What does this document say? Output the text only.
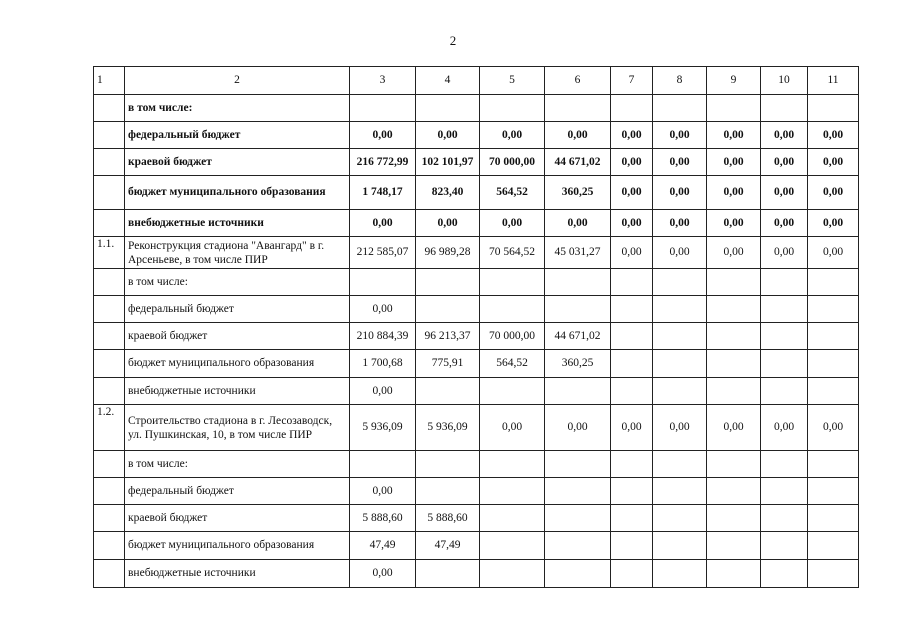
2
1	2	3	4	5	6	7	8	9	10	11
	в том числе:									
	федеральный бюджет	0,00	0,00	0,00	0,00	0,00	0,00	0,00	0,00	0,00
	краевой бюджет	216 772,99	102 101,97	70 000,00	44 671,02	0,00	0,00	0,00	0,00	0,00
	бюджет муниципального образования	1 748,17	823,40	564,52	360,25	0,00	0,00	0,00	0,00	0,00
	внебюджетные источники	0,00	0,00	0,00	0,00	0,00	0,00	0,00	0,00	0,00
1.1.	Реконструкция стадиона "Авангард" в г. Арсеньеве, в том числе ПИР	212 585,07	96 989,28	70 564,52	45 031,27	0,00	0,00	0,00	0,00	0,00
	в том числе:									
	федеральный бюджет	0,00								
	краевой бюджет	210 884,39	96 213,37	70 000,00	44 671,02					
	бюджет муниципального образования	1 700,68	775,91	564,52	360,25					
	внебюджетные источники	0,00								
1.2.	Строительство стадиона в г. Лесозаводск, ул. Пушкинская, 10, в том числе ПИР	5 936,09	5 936,09	0,00	0,00	0,00	0,00	0,00	0,00	0,00
	в том числе:									
	федеральный бюджет	0,00								
	краевой бюджет	5 888,60	5 888,60							
	бюджет муниципального образования	47,49	47,49							
	внебюджетные источники	0,00								
